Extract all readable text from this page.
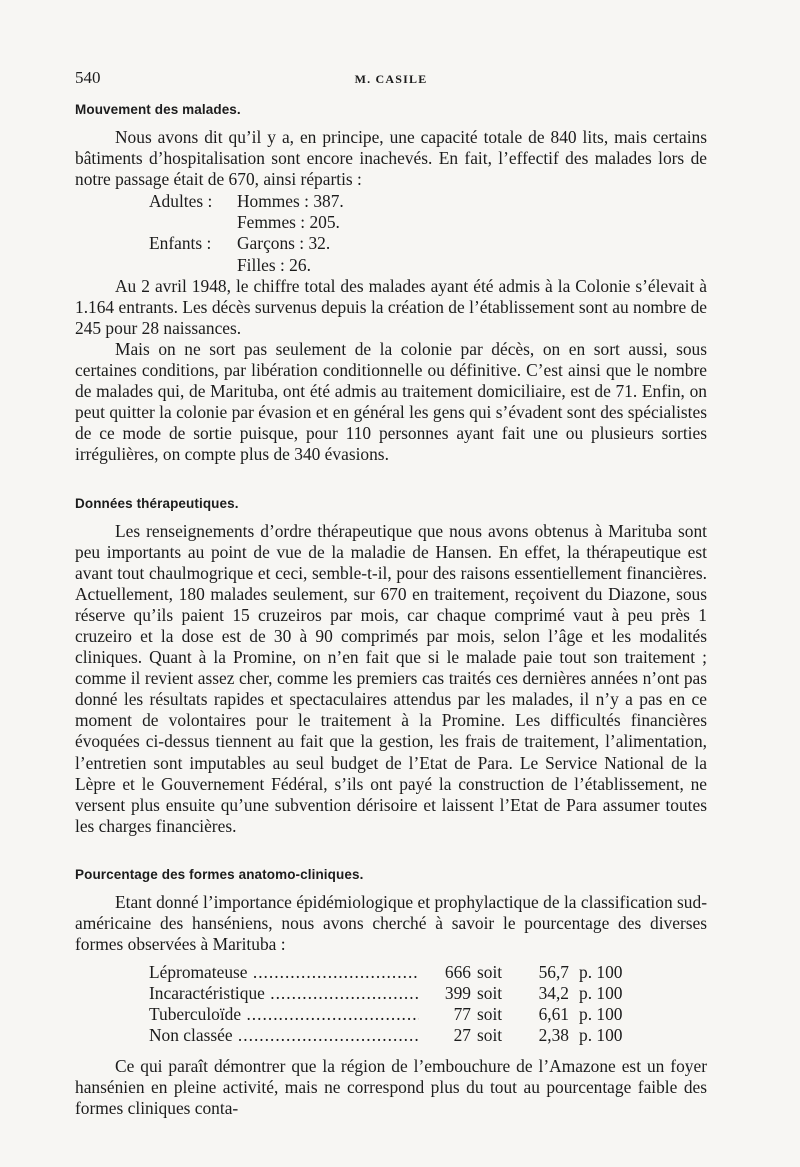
540	M. CASILE
Mouvement des malades.

Nous avons dit qu’il y a, en principe, une capacité totale de 840 lits, mais certains bâtiments d’hospitalisation sont encore inachevés. En fait, l’effectif des malades lors de notre passage était de 670, ainsi répartis :

Adultes : Hommes : 387.
Femmes : 205.
Enfants : Garçons : 32.
Filles : 26.

Au 2 avril 1948, le chiffre total des malades ayant été admis à la Colonie s’élevait à 1.164 entrants. Les décès survenus depuis la création de l’établissement sont au nombre de 245 pour 28 naissances.

Mais on ne sort pas seulement de la colonie par décès, on en sort aussi, sous certaines conditions, par libération conditionnelle ou définitive. C’est ainsi que le nombre de malades qui, de Marituba, ont été admis au traitement domiciliaire, est de 71. Enfin, on peut quitter la colonie par évasion et en général les gens qui s’évadent sont des spécialistes de ce mode de sortie puisque, pour 110 personnes ayant fait une ou plusieurs sorties irrégulières, on compte plus de 340 évasions.

Données thérapeutiques.

Les renseignements d’ordre thérapeutique que nous avons obtenus à Marituba sont peu importants au point de vue de la maladie de Hansen. En effet, la thérapeutique est avant tout chaulmogrique et ceci, semble-t-il, pour des raisons essentiellement financières. Actuellement, 180 malades seulement, sur 670 en traitement, reçoivent du Diazone, sous réserve qu’ils paient 15 cruzeiros par mois, car chaque comprimé vaut à peu près 1 cruzeiro et la dose est de 30 à 90 comprimés par mois, selon l’âge et les modalités cliniques. Quant à la Promine, on n’en fait que si le malade paie tout son traitement ; comme il revient assez cher, comme les premiers cas traités ces dernières années n’ont pas donné les résultats rapides et spectaculaires attendus par les malades, il n’y a pas en ce moment de volontaires pour le traitement à la Promine. Les difficultés financières évoquées ci-dessus tiennent au fait que la gestion, les frais de traitement, l’alimentation, l’entretien sont imputables au seul budget de l’Etat de Para. Le Service National de la Lèpre et le Gouvernement Fédéral, s’ils ont payé la construction de l’établissement, ne versent plus ensuite qu’une subvention dérisoire et laissent l’Etat de Para assumer toutes les charges financières.

Pourcentage des formes anatomo-cliniques.

Etant donné l’importance épidémiologique et prophylactique de la classification sud-américaine des hanséniens, nous avons cherché à savoir le pourcentage des diverses formes observées à Marituba :

Lépromateuse .....	666 soit	56,7 p. 100
Incaractéristique .....	399 soit	34,2 p. 100
Tuberculoïde .....	77 soit	6,61 p. 100
Non classée .....	27 soit	2,38 p. 100

Ce qui paraît démontrer que la région de l’embouchure de l’Amazone est un foyer hansénien en pleine activité, mais ne correspond plus du tout au pourcentage faible des formes cliniques conta-
